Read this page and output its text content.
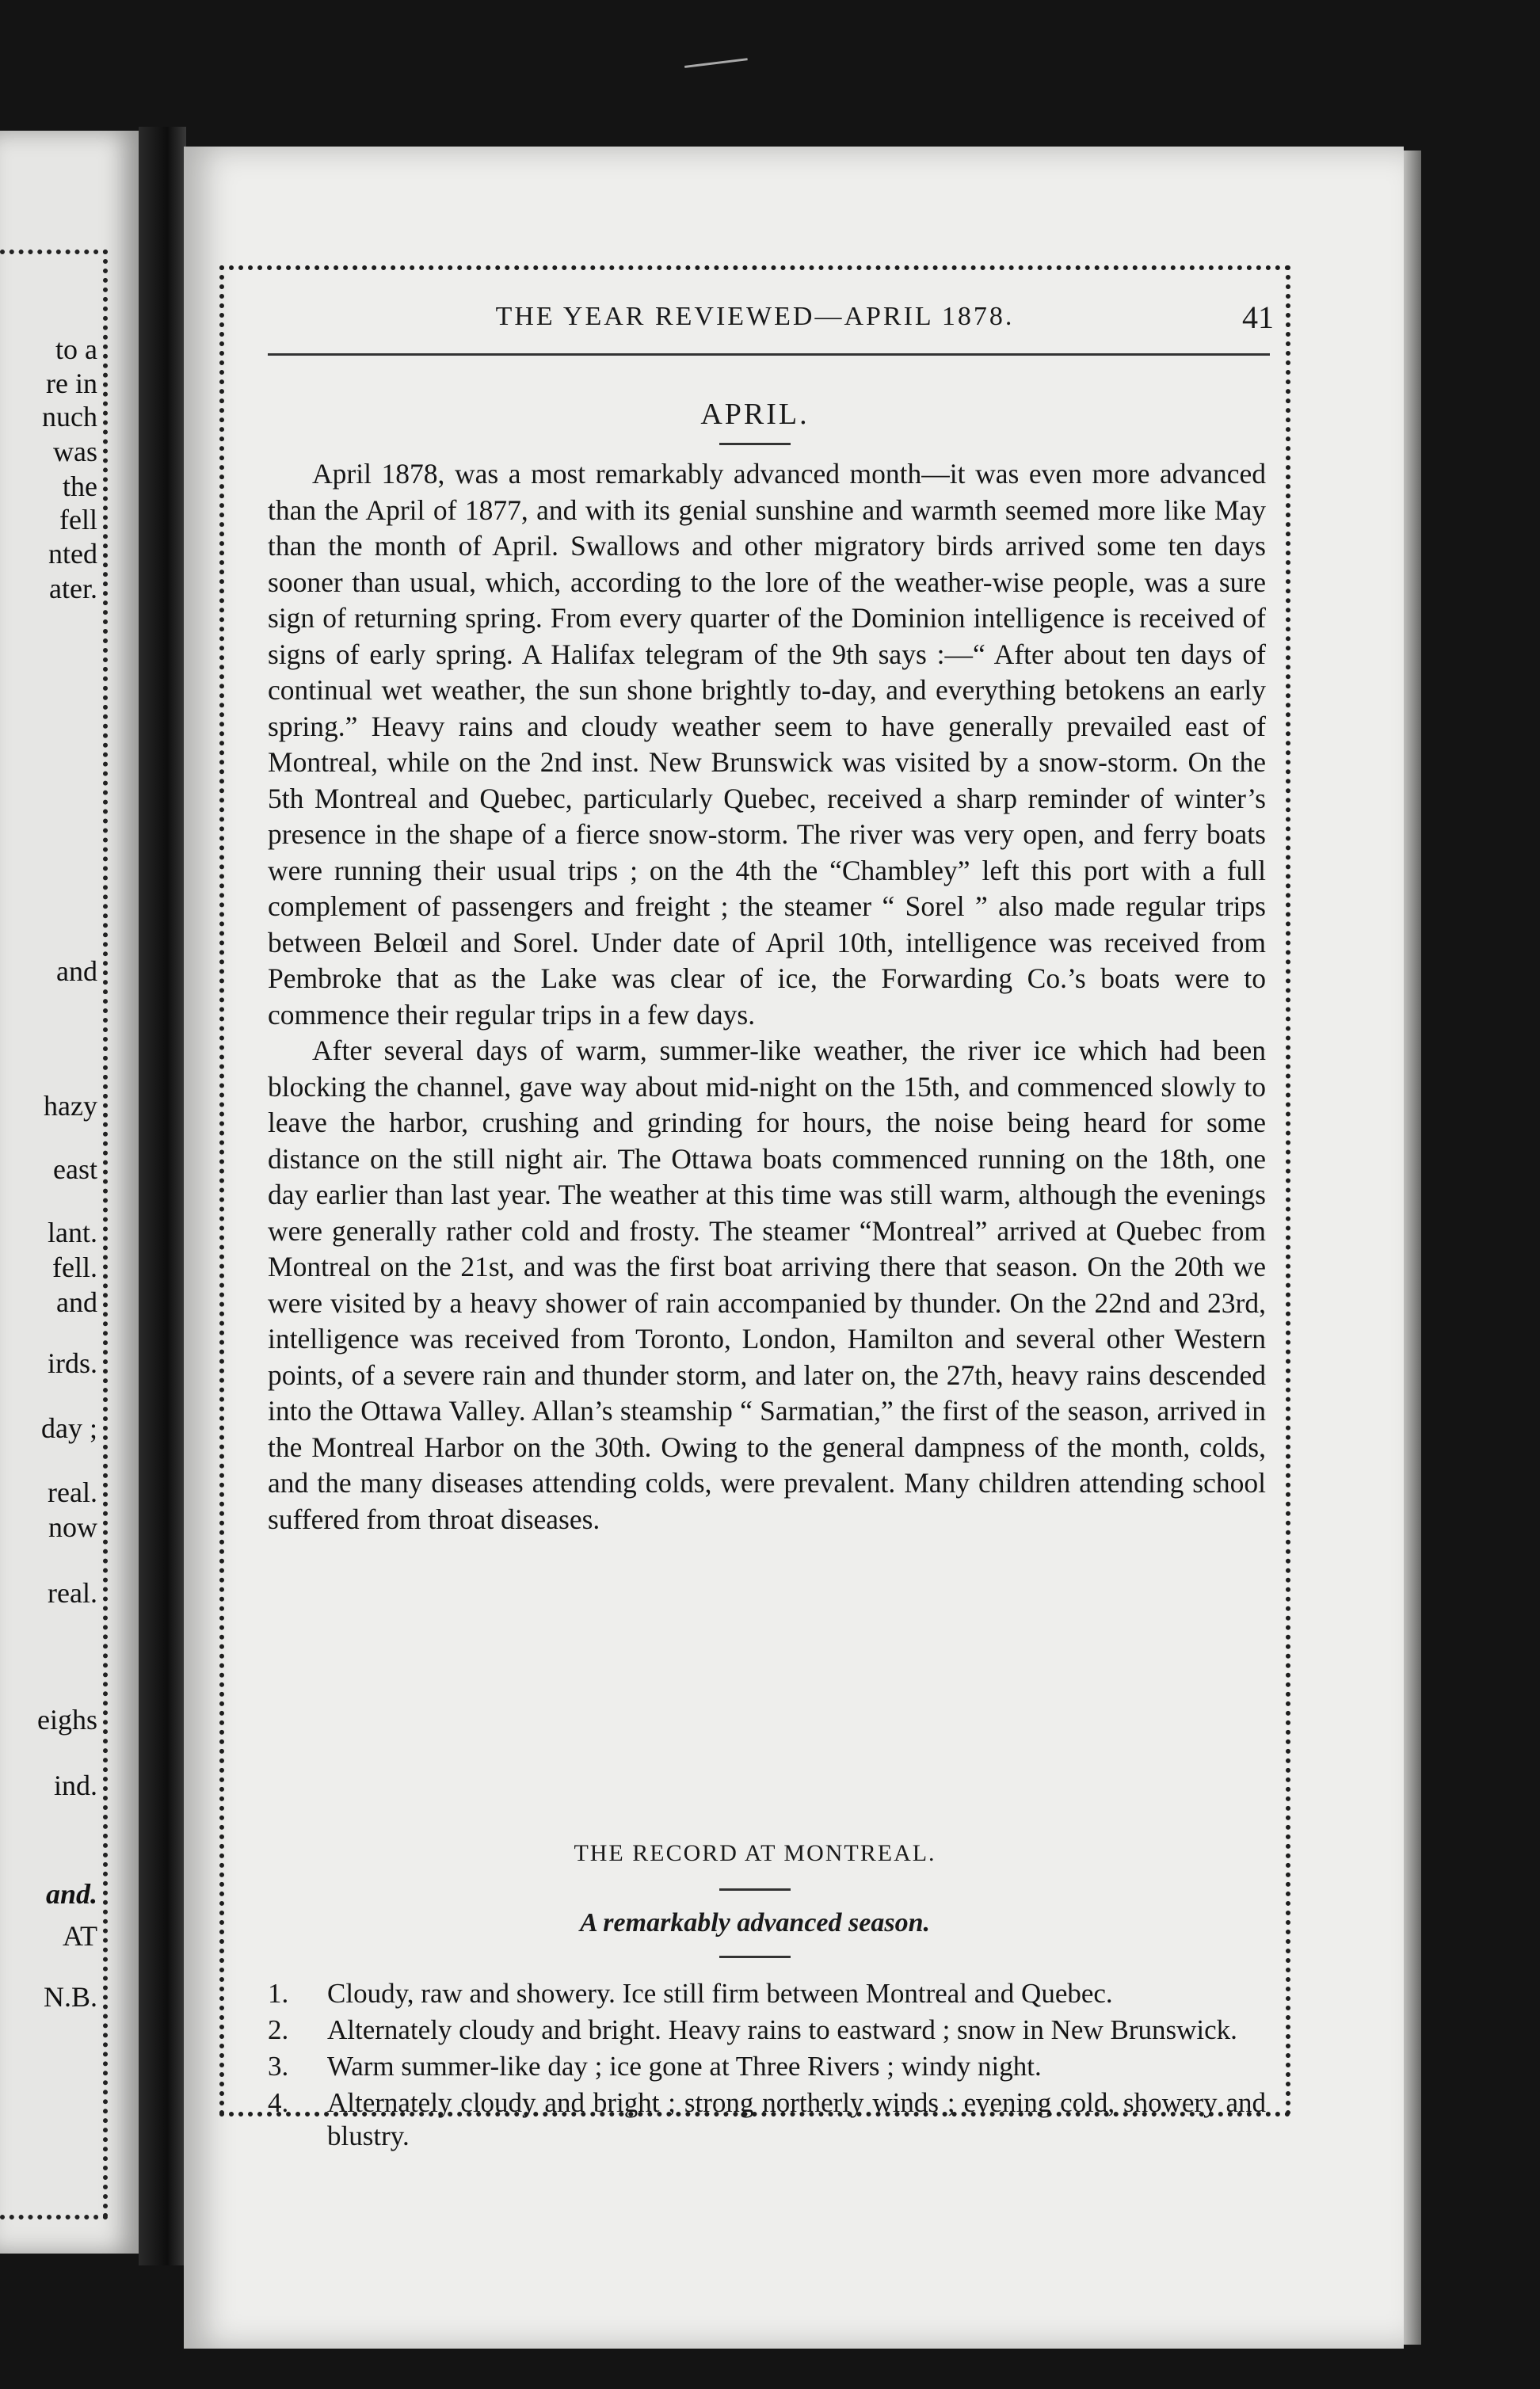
to a
re in
nuch
was
the
fell
nted
ater.
and
hazy
east
lant.
fell.
and
irds.
day ;
real.
now
real.
eighs
ind.
and.
AT
N.B.
THE YEAR REVIEWED—APRIL 1878.	41
APRIL.

April 1878, was a most remarkably advanced month—it was even more advanced than the April of 1877, and with its genial sunshine and warmth seemed more like May than the month of April. Swallows and other migratory birds arrived some ten days sooner than usual, which, according to the lore of the weather-wise people, was a sure sign of returning spring. From every quarter of the Dominion intelligence is received of signs of early spring. A Halifax telegram of the 9th says :—“ After about ten days of continual wet weather, the sun shone brightly to-day, and everything betokens an early spring.” Heavy rains and cloudy weather seem to have generally prevailed east of Montreal, while on the 2nd inst. New Brunswick was visited by a snow-storm. On the 5th Montreal and Quebec, particularly Quebec, received a sharp reminder of winter’s presence in the shape of a fierce snow-storm. The river was very open, and ferry boats were running their usual trips ; on the 4th the “Chambley” left this port with a full complement of passengers and freight ; the steamer “ Sorel ” also made regular trips between Belœil and Sorel. Under date of April 10th, intelligence was received from Pembroke that as the Lake was clear of ice, the Forwarding Co.’s boats were to commence their regular trips in a few days.

After several days of warm, summer-like weather, the river ice which had been blocking the channel, gave way about mid-night on the 15th, and commenced slowly to leave the harbor, crushing and grinding for hours, the noise being heard for some distance on the still night air. The Ottawa boats commenced running on the 18th, one day earlier than last year. The weather at this time was still warm, although the evenings were generally rather cold and frosty. The steamer “Montreal” arrived at Quebec from Montreal on the 21st, and was the first boat arriving there that season. On the 20th we were visited by a heavy shower of rain accompanied by thunder. On the 22nd and 23rd, intelligence was received from Toronto, London, Hamilton and several other Western points, of a severe rain and thunder storm, and later on, the 27th, heavy rains descended into the Ottawa Valley. Allan’s steamship “ Sarmatian,” the first of the season, arrived in the Montreal Harbor on the 30th. Owing to the general dampness of the month, colds, and the many diseases attending colds, were prevalent. Many children attending school suffered from throat diseases.

THE RECORD AT MONTREAL.
A remarkably advanced season.
1.	Cloudy, raw and showery. Ice still firm between Montreal and Quebec.
2.	Alternately cloudy and bright. Heavy rains to eastward ; snow in New Brunswick.
3.	Warm summer-like day ; ice gone at Three Rivers ; windy night.
4.	Alternately cloudy and bright ; strong northerly winds ; evening cold, showery and blustry.
